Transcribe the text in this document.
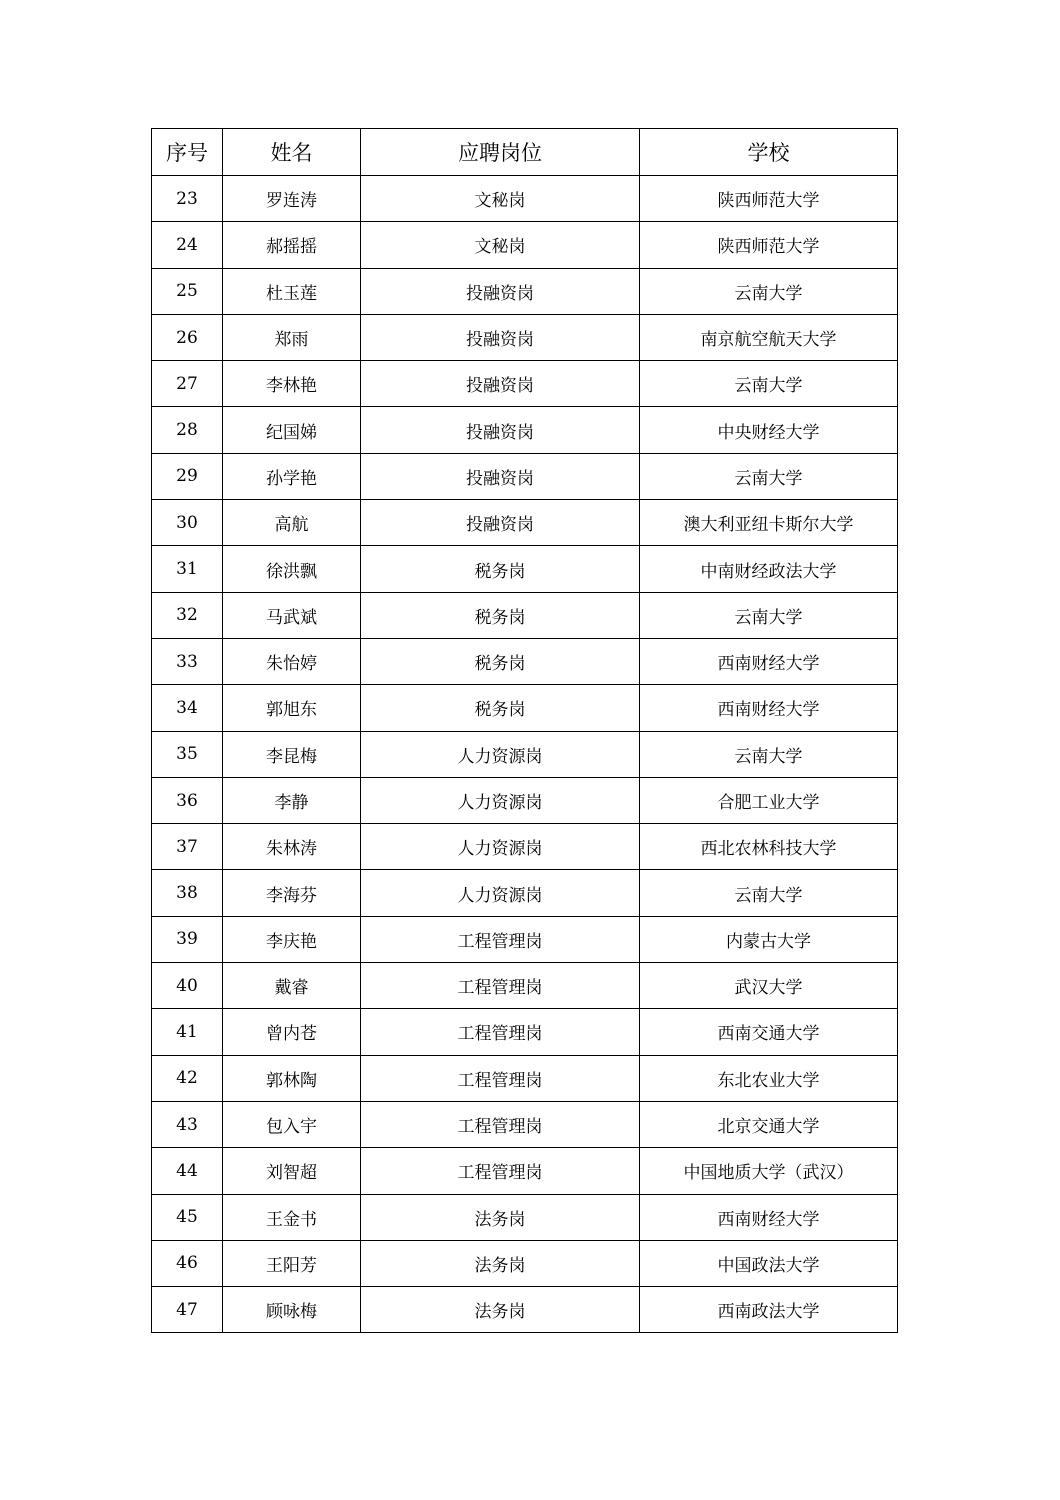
序号	姓名	应聘岗位	学校
23	罗连涛	文秘岗	陕西师范大学
24	郝摇摇	文秘岗	陕西师范大学
25	杜玉莲	投融资岗	云南大学
26	郑雨	投融资岗	南京航空航天大学
27	李林艳	投融资岗	云南大学
28	纪国娣	投融资岗	中央财经大学
29	孙学艳	投融资岗	云南大学
30	高航	投融资岗	澳大利亚纽卡斯尔大学
31	徐洪飘	税务岗	中南财经政法大学
32	马武斌	税务岗	云南大学
33	朱怡婷	税务岗	西南财经大学
34	郭旭东	税务岗	西南财经大学
35	李昆梅	人力资源岗	云南大学
36	李静	人力资源岗	合肥工业大学
37	朱林涛	人力资源岗	西北农林科技大学
38	李海芬	人力资源岗	云南大学
39	李庆艳	工程管理岗	内蒙古大学
40	戴睿	工程管理岗	武汉大学
41	曾内苍	工程管理岗	西南交通大学
42	郭林陶	工程管理岗	东北农业大学
43	包入宇	工程管理岗	北京交通大学
44	刘智超	工程管理岗	中国地质大学（武汉）
45	王金书	法务岗	西南财经大学
46	王阳芳	法务岗	中国政法大学
47	顾咏梅	法务岗	西南政法大学
